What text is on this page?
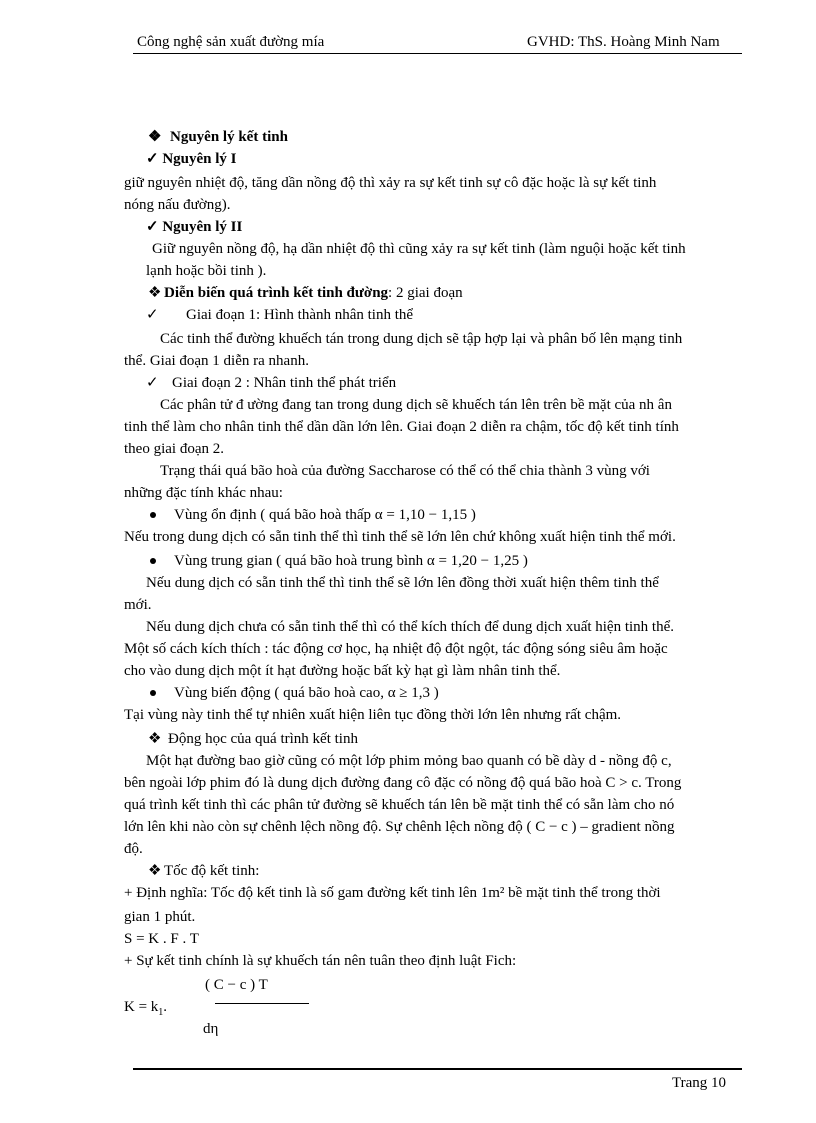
Công nghệ sản xuất đường mía	GVHD: ThS. Hoàng Minh Nam
❖ Nguyên lý kết tinh
✓ Nguyên lý I
giữ nguyên nhiệt độ, tăng dần nồng độ thì xảy ra sự kết tinh sự cô đặc hoặc là sự kết tinh
nóng nấu đường).
✓ Nguyên lý II
Giữ nguyên nồng độ, hạ dần nhiệt độ thì cũng xảy ra sự kết tinh (làm nguội hoặc kết tinh
lạnh hoặc bồi tinh ).
❖ Diễn biến quá trình kết tinh đường: 2 giai đoạn
✓ Giai đoạn 1: Hình thành nhân tinh thể
Các tinh thể đường khuếch tán trong dung dịch sẽ tập hợp lại và phân bố lên mạng tinh
thể. Giai đoạn 1 diễn ra nhanh.
✓ Giai đoạn 2 : Nhân tinh thể phát triển
Các phân tử đ ường đang tan trong dung dịch sẽ khuếch tán lên trên bề mặt của nh ân
tinh thể làm cho nhân tinh thể dần dần lớn lên. Giai đoạn 2 diễn ra chậm, tốc độ kết tinh tính
theo giai đoạn 2.
Trạng thái quá bão hoà của đường Saccharose có thể có thể chia thành 3 vùng với
những đặc tính khác nhau:
Vùng ổn định ( quá bão hoà thấp α = 1,10 − 1,15 )
Nếu trong dung dịch có sẵn tinh thể thì tinh thể sẽ lớn lên chứ không xuất hiện tinh thể mới.
Vùng trung gian ( quá bão hoà trung bình α = 1,20 − 1,25 )
Nếu dung dịch có sẵn tinh thể thì tinh thể sẽ lớn lên đồng thời xuất hiện thêm tinh thể
mới.
Nếu dung dịch chưa có sẵn tinh thể thì có thể kích thích để dung dịch xuất hiện tinh thể.
Một số cách kích thích : tác động cơ học, hạ nhiệt độ đột ngột, tác động sóng siêu âm hoặc
cho vào dung dịch một ít hạt đường hoặc bất kỳ hạt gì làm nhân tinh thể.
Vùng biến động ( quá bão hoà cao, α ≥ 1,3 )
Tại vùng này tinh thể tự nhiên xuất hiện liên tục đồng thời lớn lên nhưng rất chậm.
❖ Động học của quá trình kết tinh
Một hạt đường bao giờ cũng có một lớp phim mỏng bao quanh có bề dày d - nồng độ c,
bên ngoài lớp phim đó là dung dịch đường đang cô đặc có nồng độ quá bão hoà C > c. Trong
quá trình kết tinh thì các phân tử đường sẽ khuếch tán lên bề mặt tinh thể có sẵn làm cho nó
lớn lên khi nào còn sự chênh lệch nồng độ. Sự chênh lệch nồng độ ( C − c ) – gradient nồng
độ.
❖ Tốc độ kết tinh:
+ Định nghĩa: Tốc độ kết tinh là số gam đường kết tinh lên 1m² bề mặt tinh thể trong thời
gian 1 phút.
S = K . F . T
+ Sự kết tinh chính là sự khuếch tán nên tuân theo định luật Fich:
( C − c ) T
$K = k_1$.
dη
Trang 10
